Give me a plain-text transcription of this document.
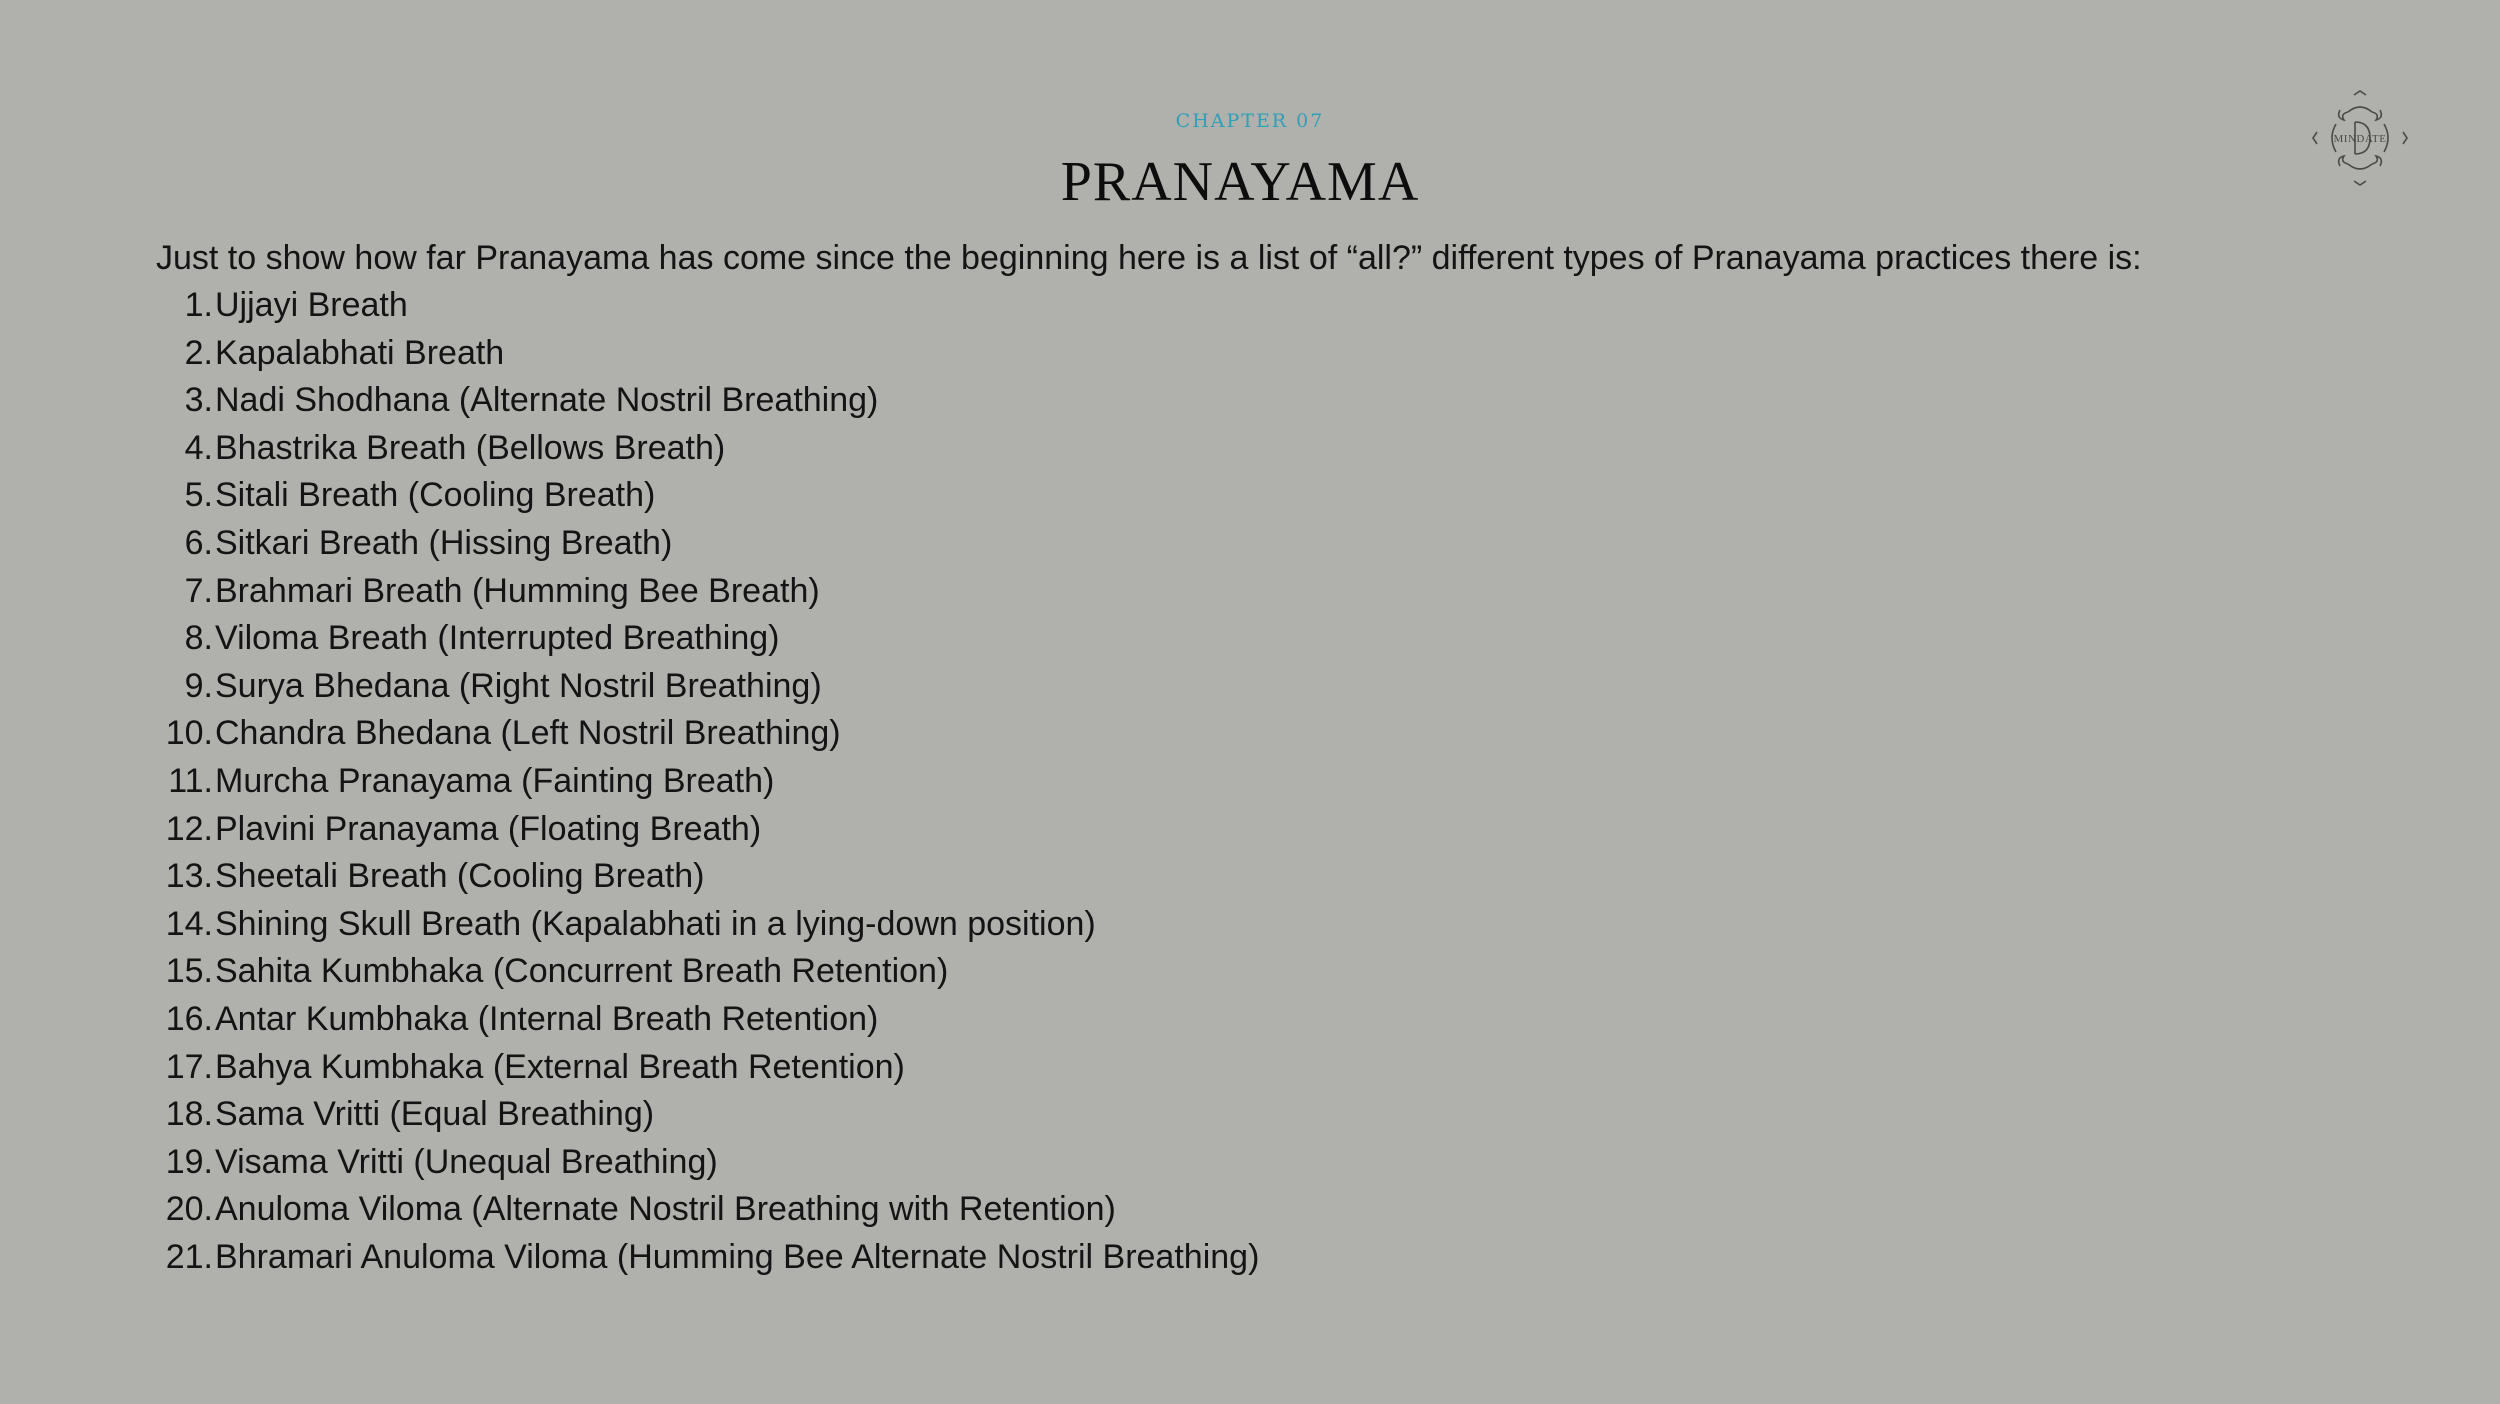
CHAPTER 07
PRANAYAMA
MINDATE
Just to show how far Pranayama has come since the beginning here is a list of “all?” different types of Pranayama practices there is:
1. Ujjayi Breath
2. Kapalabhati Breath
3. Nadi Shodhana (Alternate Nostril Breathing)
4. Bhastrika Breath (Bellows Breath)
5. Sitali Breath (Cooling Breath)
6. Sitkari Breath (Hissing Breath)
7. Brahmari Breath (Humming Bee Breath)
8. Viloma Breath (Interrupted Breathing)
9. Surya Bhedana (Right Nostril Breathing)
10. Chandra Bhedana (Left Nostril Breathing)
11. Murcha Pranayama (Fainting Breath)
12. Plavini Pranayama (Floating Breath)
13. Sheetali Breath (Cooling Breath)
14. Shining Skull Breath (Kapalabhati in a lying-down position)
15. Sahita Kumbhaka (Concurrent Breath Retention)
16. Antar Kumbhaka (Internal Breath Retention)
17. Bahya Kumbhaka (External Breath Retention)
18. Sama Vritti (Equal Breathing)
19. Visama Vritti (Unequal Breathing)
20. Anuloma Viloma (Alternate Nostril Breathing with Retention)
21. Bhramari Anuloma Viloma (Humming Bee Alternate Nostril Breathing)
